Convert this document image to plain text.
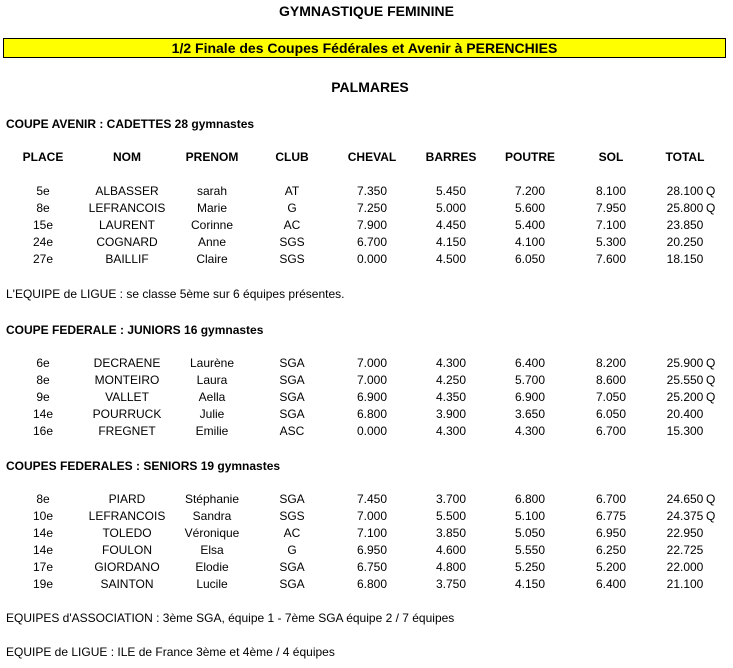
GYMNASTIQUE FEMININE
1/2 Finale des Coupes Fédérales et Avenir à PERENCHIES
PALMARES
COUPE AVENIR : CADETTES 28 gymnastes
PLACE	NOM	PRENOM	CLUB	CHEVAL	BARRES	POUTRE	SOL	TOTAL
5e	ALBASSER	sarah	AT	7.350	5.450	7.200	8.100	28.100 Q
8e	LEFRANCOIS	Marie	G	7.250	5.000	5.600	7.950	25.800 Q
15e	LAURENT	Corinne	AC	7.900	4.450	5.400	7.100	23.850
24e	COGNARD	Anne	SGS	6.700	4.150	4.100	5.300	20.250
27e	BAILLIF	Claire	SGS	0.000	4.500	6.050	7.600	18.150
L'EQUIPE de LIGUE : se classe 5ème sur 6 équipes présentes.
COUPE FEDERALE : JUNIORS 16 gymnastes
6e	DECRAENE	Laurène	SGA	7.000	4.300	6.400	8.200	25.900 Q
8e	MONTEIRO	Laura	SGA	7.000	4.250	5.700	8.600	25.550 Q
9e	VALLET	Aella	SGA	6.900	4.350	6.900	7.050	25.200 Q
14e	POURRUCK	Julie	SGA	6.800	3.900	3.650	6.050	20.400
16e	FREGNET	Emilie	ASC	0.000	4.300	4.300	6.700	15.300
COUPES FEDERALES : SENIORS 19 gymnastes
8e	PIARD	Stéphanie	SGA	7.450	3.700	6.800	6.700	24.650 Q
10e	LEFRANCOIS	Sandra	SGS	7.000	5.500	5.100	6.775	24.375 Q
14e	TOLEDO	Véronique	AC	7.100	3.850	5.050	6.950	22.950
14e	FOULON	Elsa	G	6.950	4.600	5.550	6.250	22.725
17e	GIORDANO	Elodie	SGA	6.750	4.800	5.250	5.200	22.000
19e	SAINTON	Lucile	SGA	6.800	3.750	4.150	6.400	21.100
EQUIPES d'ASSOCIATION : 3ème SGA, équipe 1 - 7ème SGA équipe 2 / 7 équipes
EQUIPE de LIGUE : ILE de France 3ème et 4ème / 4 équipes
